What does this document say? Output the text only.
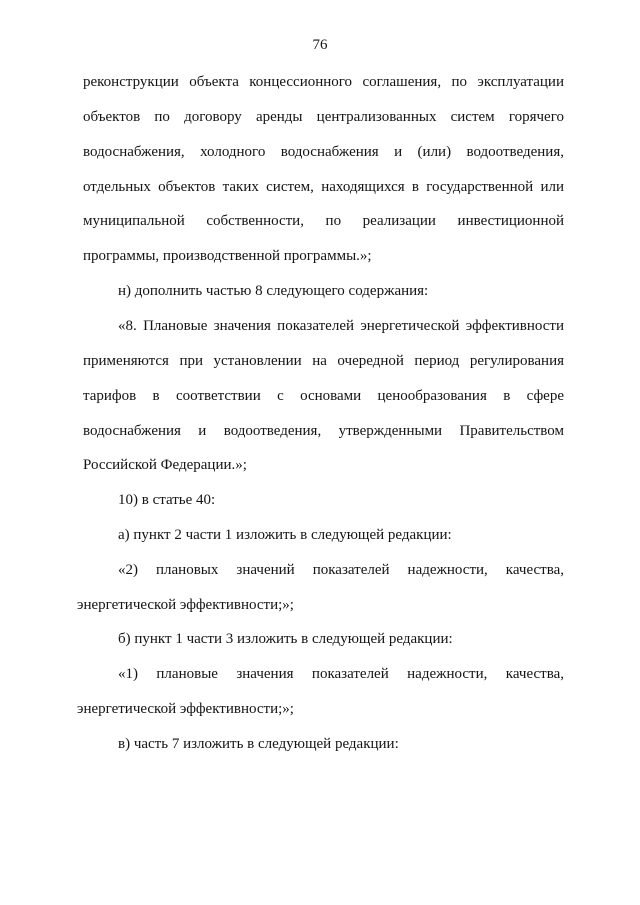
76
реконструкции объекта концессионного соглашения, по эксплуатации
объектов по договору аренды централизованных систем горячего
водоснабжения, холодного водоснабжения и (или) водоотведения,
отдельных объектов таких систем, находящихся в государственной или
муниципальной собственности, по реализации инвестиционной
программы, производственной программы.»;
н) дополнить частью 8 следующего содержания:
«8. Плановые значения показателей энергетической эффективности
применяются при установлении на очередной период регулирования
тарифов в соответствии с основами ценообразования в сфере
водоснабжения и водоотведения, утвержденными Правительством
Российской Федерации.»;
10) в статье 40:
а) пункт 2 части 1 изложить в следующей редакции:
«2) плановых значений показателей надежности, качества,
энергетической эффективности;»;
б) пункт 1 части 3 изложить в следующей редакции:
«1) плановые значения показателей надежности, качества,
энергетической эффективности;»;
в) часть 7 изложить в следующей редакции:
